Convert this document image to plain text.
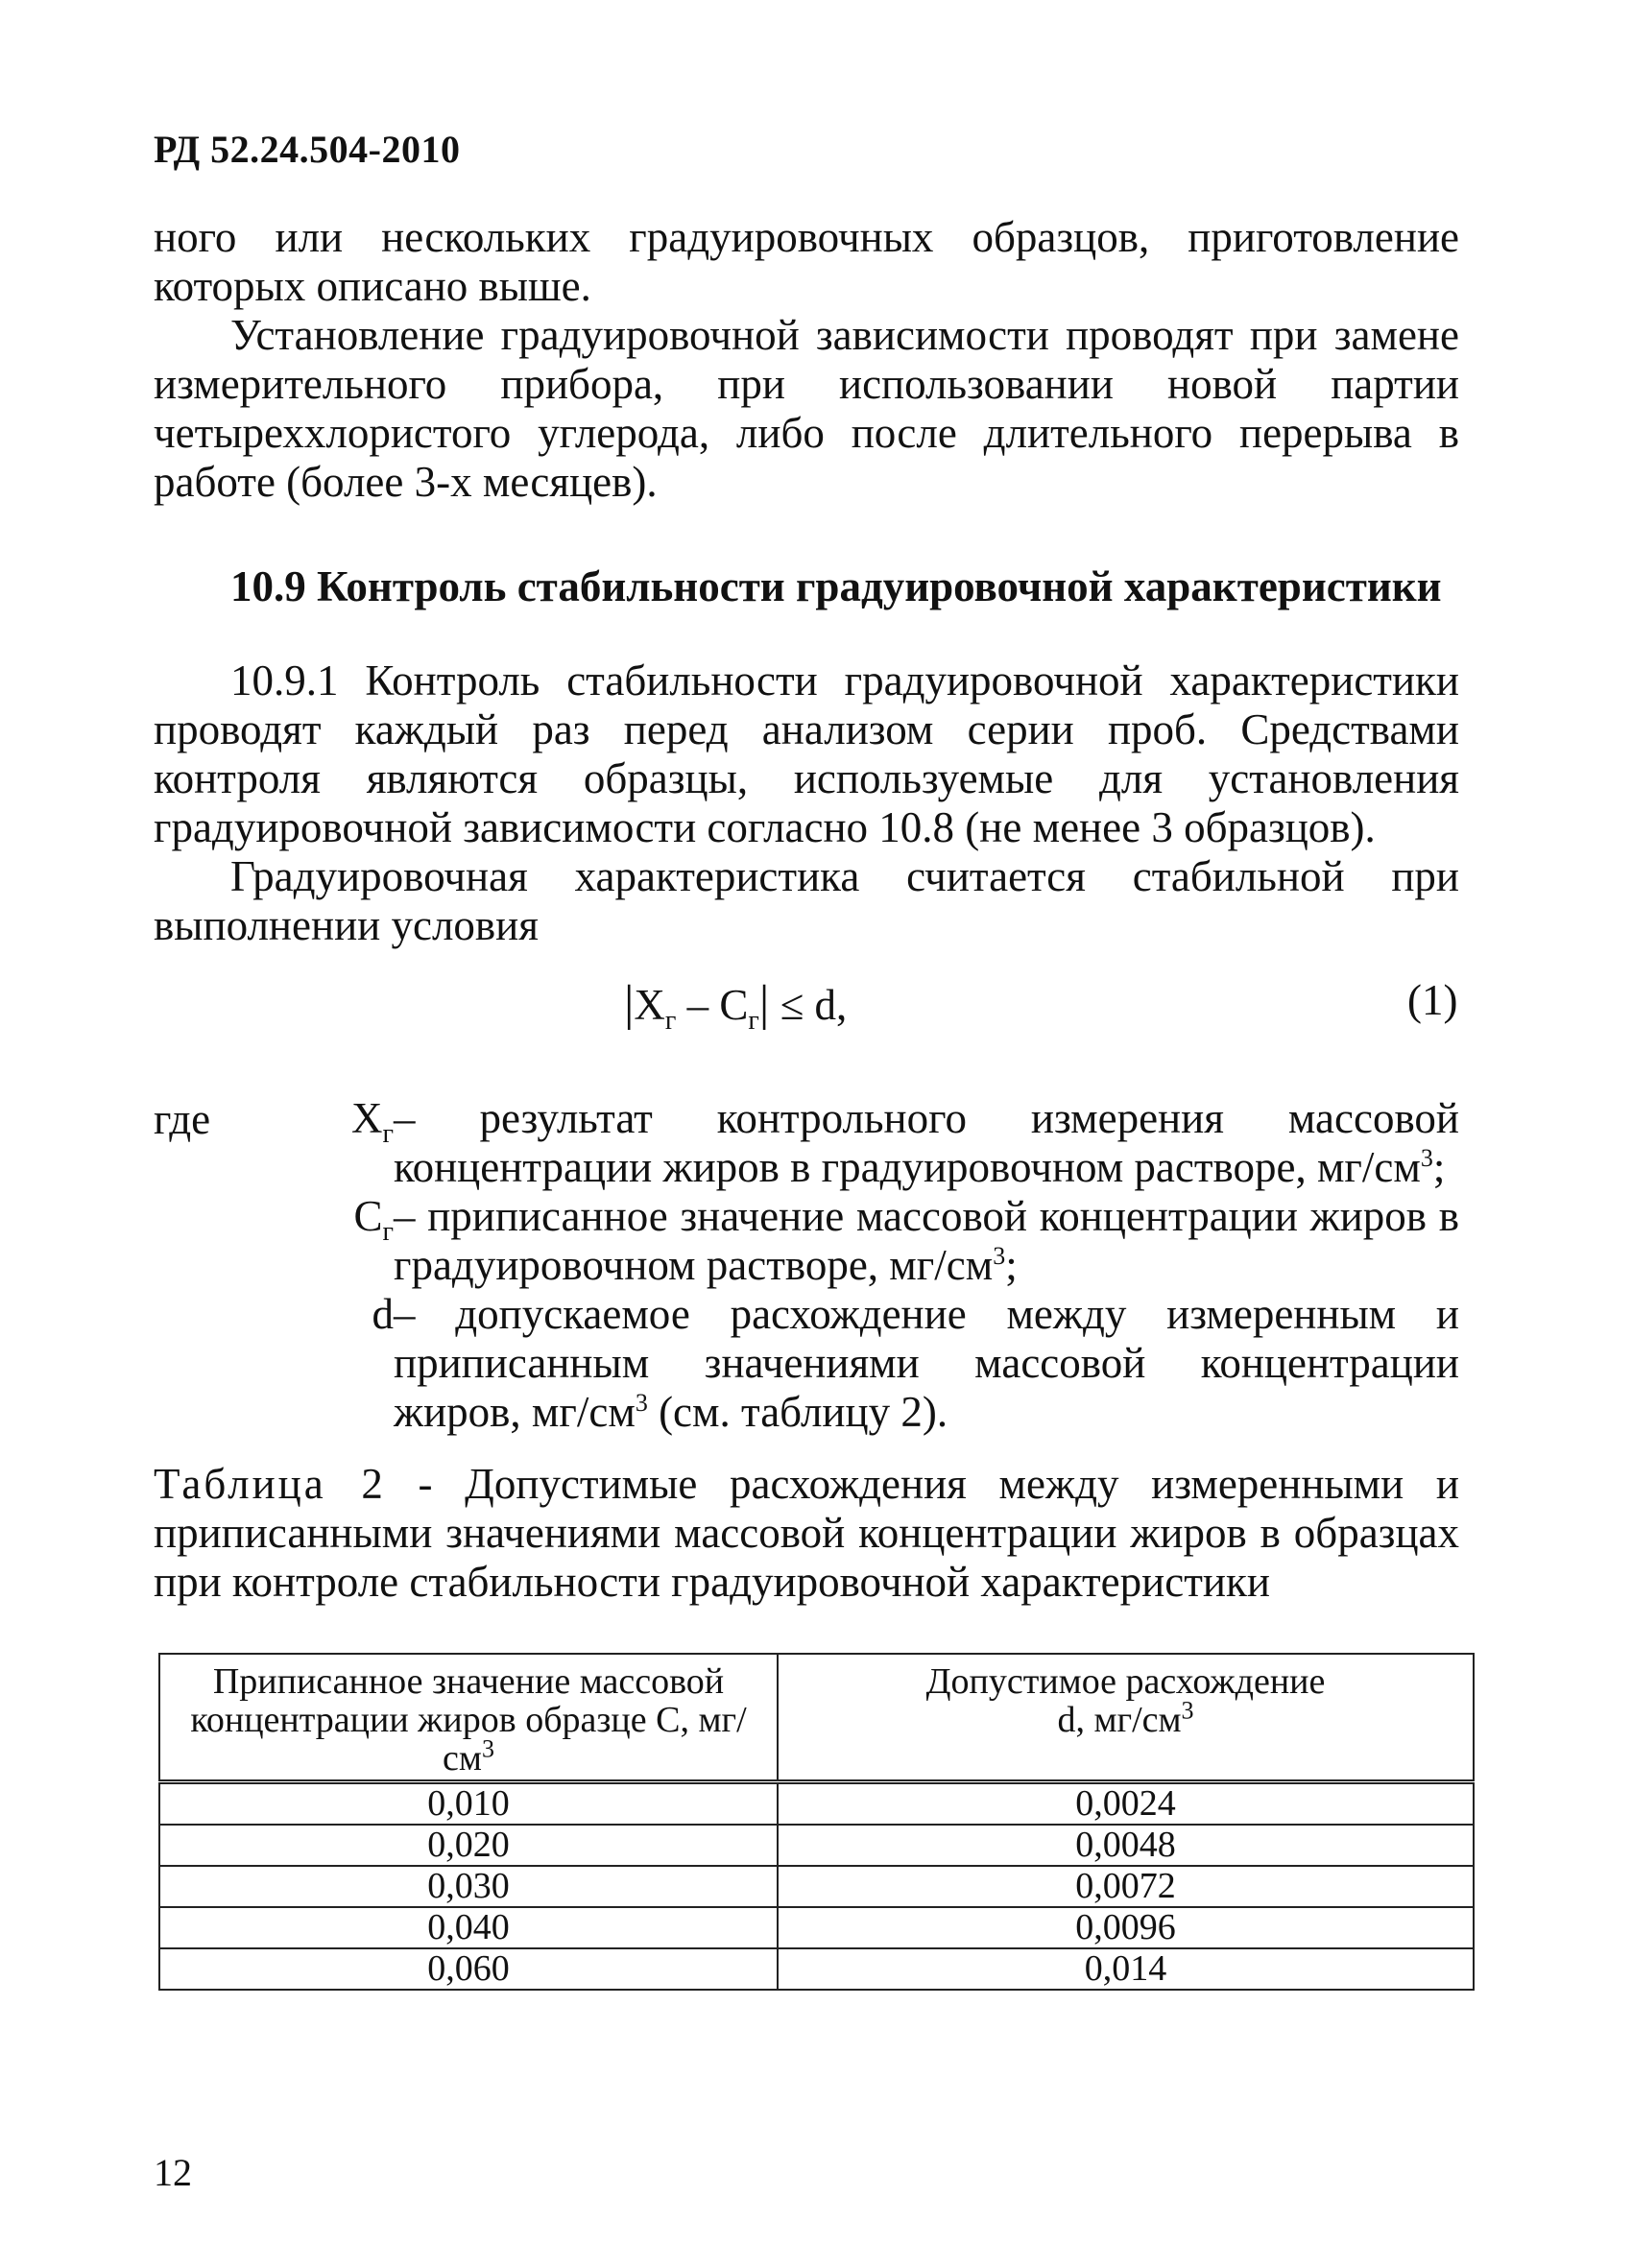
РД 52.24.504-2010
ного или нескольких градуировочных образцов, приготовление которых описано выше.
Установление градуировочной зависимости проводят при замене измерительного прибора, при использовании новой партии четыреххлористого углерода, либо после длительного перерыва в работе (более 3-х месяцев).
10.9 Контроль стабильности градуировочной характеристики
10.9.1 Контроль стабильности градуировочной характеристики проводят каждый раз перед анализом серии проб. Средствами контроля являются образцы, используемые для установления градуировочной зависимости согласно 10.8 (не менее 3 образцов).
Градуировочная характеристика считается стабильной при выполнении условия
$|X_г - C_г| \le d$,	(1)
где	$X_г$ – результат контрольного измерения массовой концентрации жиров в градуировочном растворе, $мг/см^3$;
$C_г$ – приписанное значение массовой концентрации жиров в градуировочном растворе, $мг/см^3$;
d – допускаемое расхождение между измеренным и приписанным значениями массовой концентрации жиров, $мг/см^3$ (см. таблицу 2).
Таблица 2 - Допустимые расхождения между измеренными и приписанными значениями массовой концентрации жиров в образцах при контроле стабильности градуировочной характеристики
Приписанное значение массовой концентрации жиров образце С, $мг/см^3$	Допустимое расхождение
d, $мг/см^3$
0,010	0,0024
0,020	0,0048
0,030	0,0072
0,040	0,0096
0,060	0,014
12
